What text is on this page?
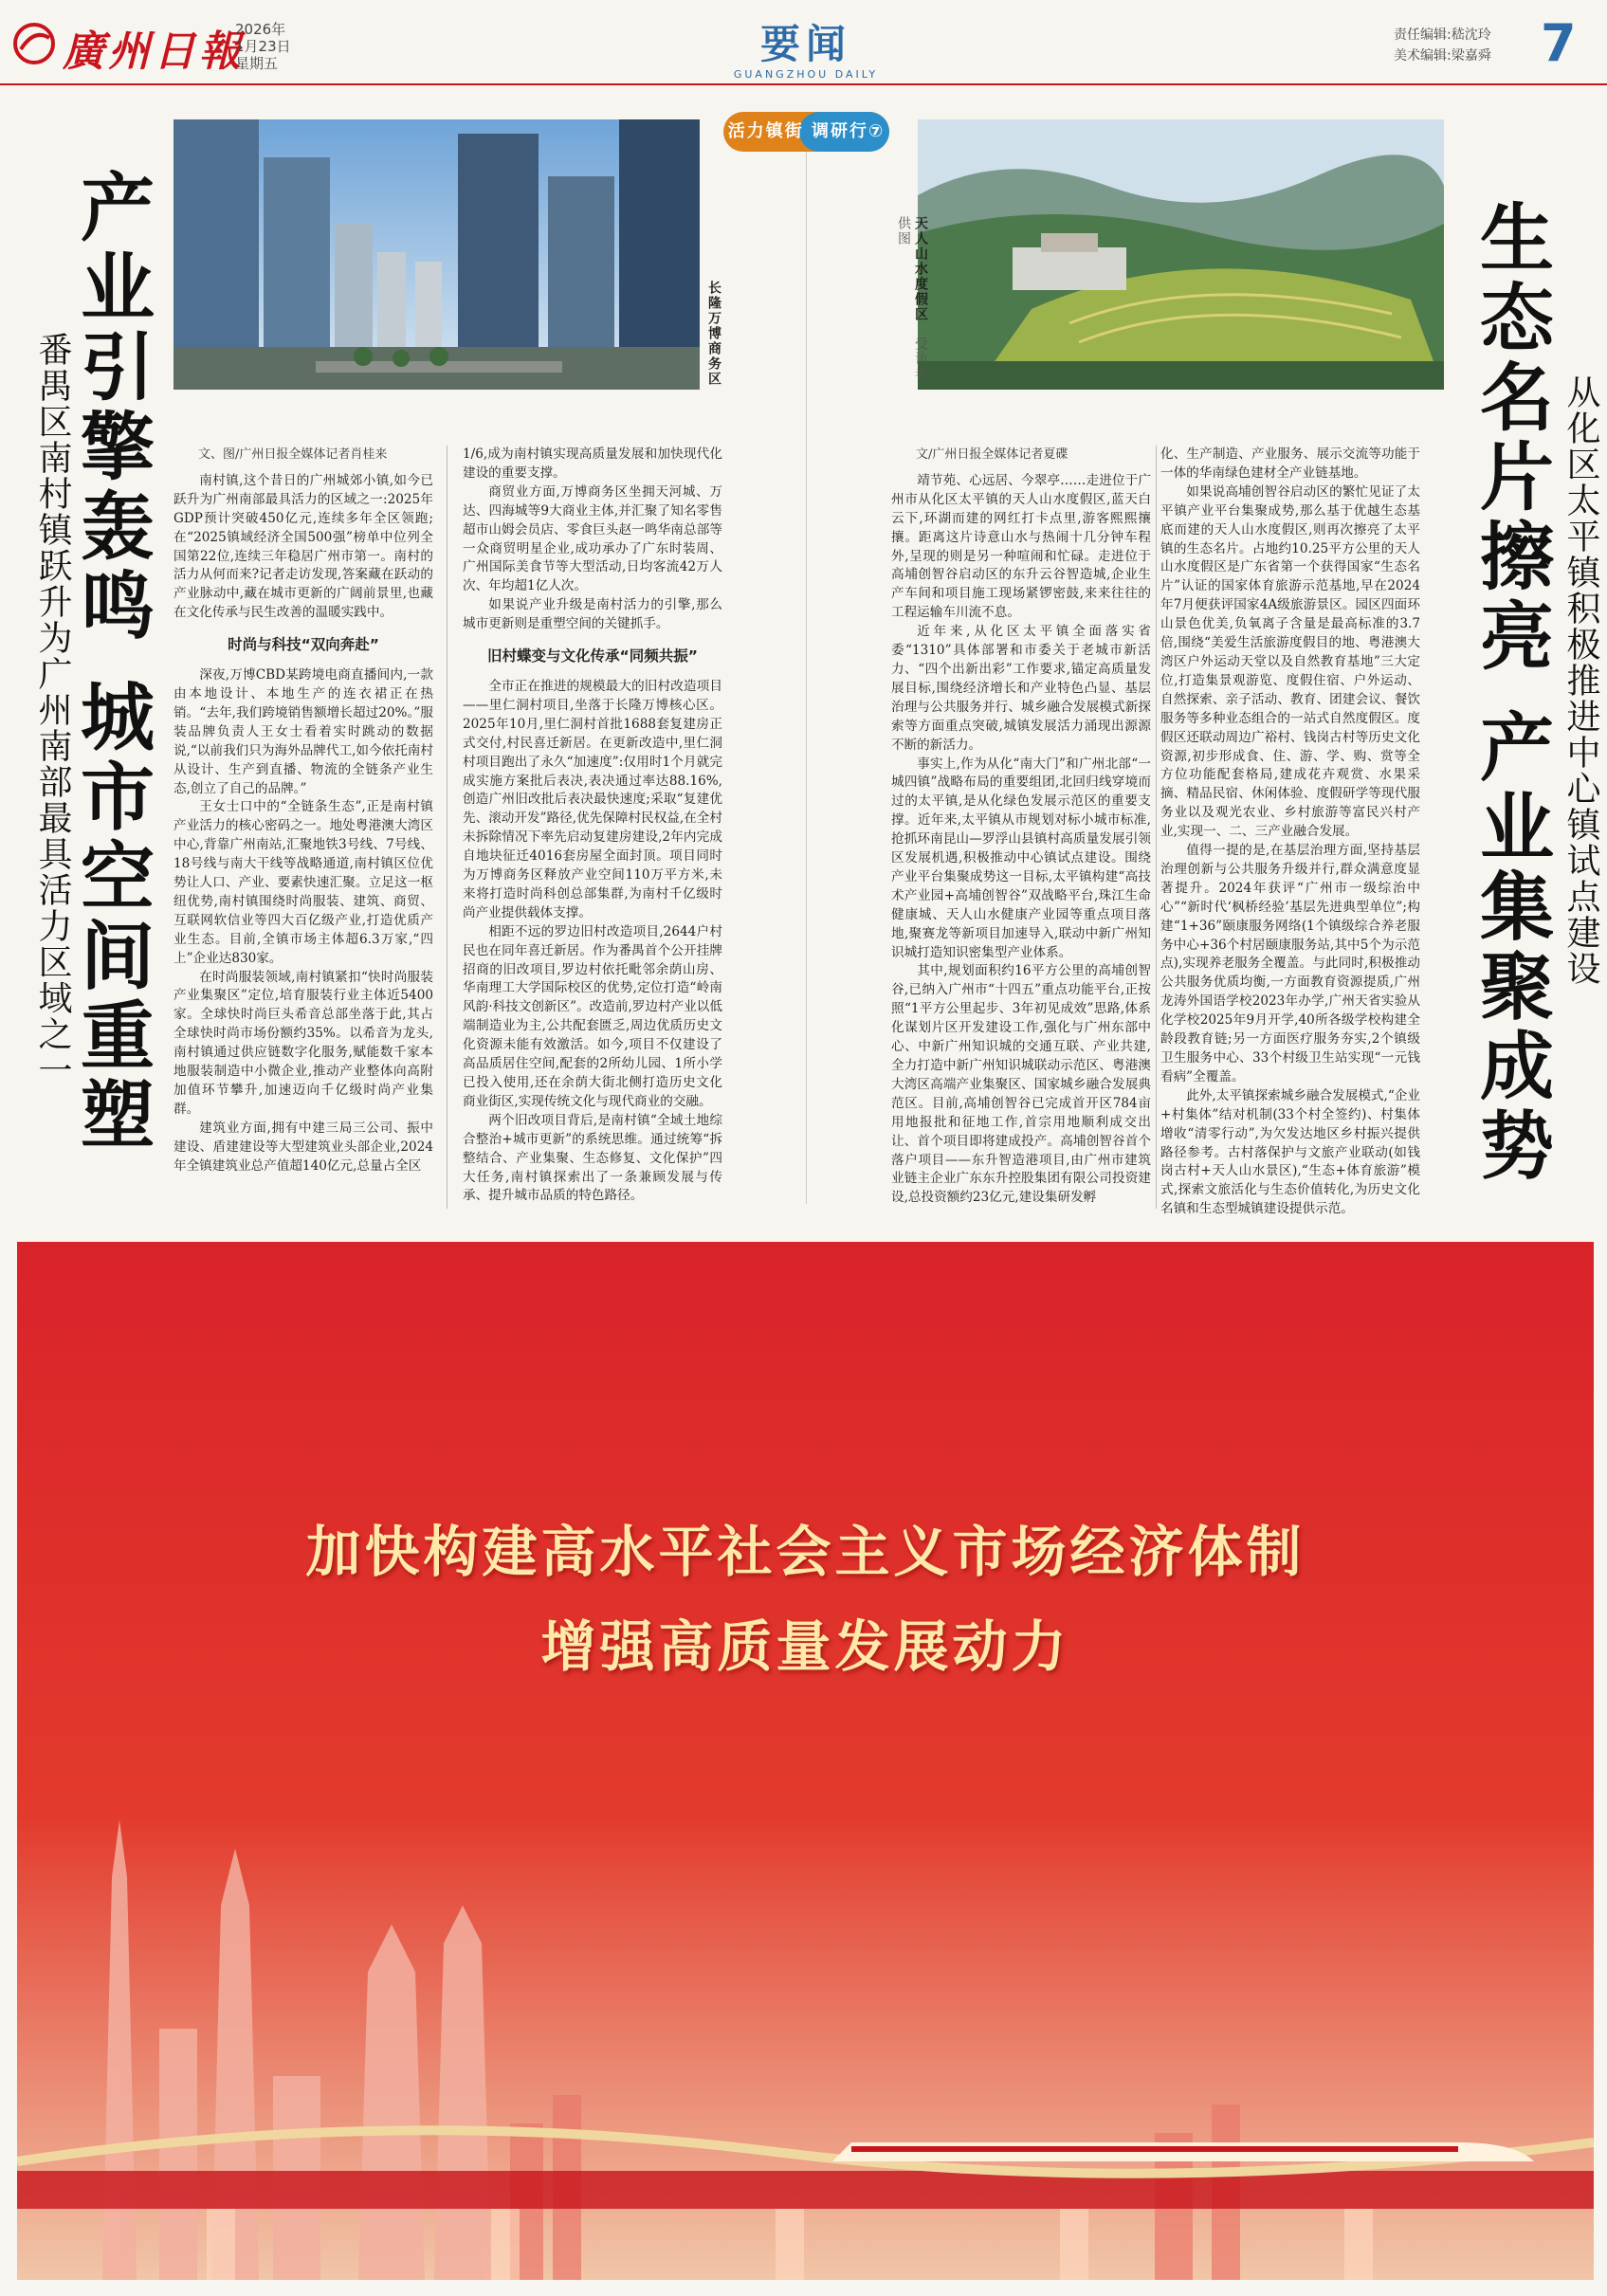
廣州日報
2026年
1月23日
星期五	要闻
GUANGZHOU DAILY
责任编辑:嵇沈玲
美术编辑:梁嘉舜 7
活力镇街 调研行⑦
长隆万博商务区
天人山水度假区 受访者供图
产业引擎轰鸣 城市空间重塑
番禺区南村镇跃升为广州南部最具活力区域之一	生态名片擦亮 产业集聚成势 从化区太平镇积极推进中心镇试点建设

文、图/广州日报全媒体记者肖桂来

南村镇,这个昔日的广州城郊小镇,如今已跃升为广州南部最具活力的区域之一:2025年GDP预计突破450亿元,连续多年全区领跑;在“2025镇域经济全国500强”榜单中位列全国第22位,连续三年稳居广州市第一。南村的活力从何而来?记者走访发现,答案藏在跃动的产业脉动中,藏在城市更新的广阔前景里,也藏在文化传承与民生改善的温暖实践中。

时尚与科技“双向奔赴”

深夜,万博CBD某跨境电商直播间内,一款由本地设计、本地生产的连衣裙正在热销。“去年,我们跨境销售额增长超过20%。”服装品牌负责人王女士看着实时跳动的数据说,“以前我们只为海外品牌代工,如今依托南村从设计、生产到直播、物流的全链条产业生态,创立了自己的品牌。”

王女士口中的“全链条生态”,正是南村镇产业活力的核心密码之一。地处粤港澳大湾区中心,背靠广州南站,汇聚地铁3号线、7号线、18号线与南大干线等战略通道,南村镇区位优势让人口、产业、要素快速汇聚。立足这一枢纽优势,南村镇围绕时尚服装、建筑、商贸、互联网软信业等四大百亿级产业,打造优质产业生态。目前,全镇市场主体超6.3万家,“四上”企业达830家。

在时尚服装领域,南村镇紧扣“快时尚服装产业集聚区”定位,培育服装行业主体近5400家。全球快时尚巨头希音总部坐落于此,其占全球快时尚市场份额约35%。以希音为龙头,南村镇通过供应链数字化服务,赋能数千家本地服装制造中小微企业,推动产业整体向高附加值环节攀升,加速迈向千亿级时尚产业集群。

建筑业方面,拥有中建三局三公司、振中建设、盾建建设等大型建筑业头部企业,2024年全镇建筑业总产值超140亿元,总量占全区

1/6,成为南村镇实现高质量发展和加快现代化建设的重要支撑。

商贸业方面,万博商务区坐拥天河城、万达、四海城等9大商业主体,并汇聚了知名零售超市山姆会员店、零食巨头赵一鸣华南总部等一众商贸明星企业,成功承办了广东时装周、广州国际美食节等大型活动,日均客流42万人次、年均超1亿人次。

如果说产业升级是南村活力的引擎,那么城市更新则是重塑空间的关键抓手。

旧村蝶变与文化传承“同频共振”

全市正在推进的规模最大的旧村改造项目——里仁洞村项目,坐落于长隆万博核心区。2025年10月,里仁洞村首批1688套复建房正式交付,村民喜迁新居。在更新改造中,里仁洞村项目跑出了永久“加速度”:仅用时1个月就完成实施方案批后表决,表决通过率达88.16%,创造广州旧改批后表决最快速度;采取“复建优先、滚动开发”路径,优先保障村民权益,在全村未拆除情况下率先启动复建房建设,2年内完成自地块征迁4016套房屋全面封顶。项目同时为万博商务区释放产业空间110万平方米,未来将打造时尚科创总部集群,为南村千亿级时尚产业提供载体支撑。

相距不远的罗边旧村改造项目,2644户村民也在同年喜迁新居。作为番禺首个公开挂牌招商的旧改项目,罗边村依托毗邻余荫山房、华南理工大学国际校区的优势,定位打造“岭南风韵·科技文创新区”。改造前,罗边村产业以低端制造业为主,公共配套匮乏,周边优质历史文化资源未能有效激活。如今,项目不仅建设了高品质居住空间,配套的2所幼儿园、1所小学已投入使用,还在余荫大街北侧打造历史文化商业街区,实现传统文化与现代商业的交融。

两个旧改项目背后,是南村镇“全域土地综合整治+城市更新”的系统思维。通过统筹“拆整结合、产业集聚、生态修复、文化保护”四大任务,南村镇探索出了一条兼顾发展与传承、提升城市品质的特色路径。

文/广州日报全媒体记者夏碟

靖节苑、心远居、今翠亭……走进位于广州市从化区太平镇的天人山水度假区,蓝天白云下,环湖而建的网红打卡点里,游客熙熙攘攘。距离这片诗意山水与热闹十几分钟车程外,呈现的则是另一种喧闹和忙碌。走进位于高埔创智谷启动区的东升云谷智造城,企业生产车间和项目施工现场紧锣密鼓,来来往往的工程运输车川流不息。

近年来,从化区太平镇全面落实省委“1310”具体部署和市委关于老城市新活力、“四个出新出彩”工作要求,锚定高质量发展目标,围绕经济增长和产业特色凸显、基层治理与公共服务并行、城乡融合发展模式新探索等方面重点突破,城镇发展活力涌现出源源不断的新活力。

事实上,作为从化“南大门”和广州北部“一城四镇”战略布局的重要组团,北回归线穿境而过的太平镇,是从化绿色发展示范区的重要支撑。近年来,太平镇从市规划对标小城市标准,抢抓环南昆山—罗浮山县镇村高质量发展引领区发展机遇,积极推动中心镇试点建设。围绕产业平台集聚成势这一目标,太平镇构建“高技术产业园+高埔创智谷”双战略平台,珠江生命健康城、天人山水健康产业园等重点项目落地,聚赛龙等新项目加速导入,联动中新广州知识城打造知识密集型产业体系。

其中,规划面积约16平方公里的高埔创智谷,已纳入广州市“十四五”重点功能平台,正按照“1平方公里起步、3年初见成效”思路,体系化谋划片区开发建设工作,强化与广州东部中心、中新广州知识城的交通互联、产业共建,全力打造中新广州知识城联动示范区、粤港澳大湾区高端产业集聚区、国家城乡融合发展典范区。目前,高埔创智谷已完成首开区784亩用地报批和征地工作,首宗用地顺利成交出让、首个项目即将建成投产。高埔创智谷首个落户项目——东升智造港项目,由广州市建筑业链主企业广东东升控股集团有限公司投资建设,总投资额约23亿元,建设集研发孵

化、生产制造、产业服务、展示交流等功能于一体的华南绿色建材全产业链基地。

如果说高埔创智谷启动区的繁忙见证了太平镇产业平台集聚成势,那么基于优越生态基底而建的天人山水度假区,则再次擦亮了太平镇的生态名片。占地约10.25平方公里的天人山水度假区是广东省第一个获得国家“生态名片”认证的国家体育旅游示范基地,早在2024年7月便获评国家4A级旅游景区。园区四面环山景色优美,负氧离子含量是最高标准的3.7倍,围绕“美爱生活旅游度假目的地、粤港澳大湾区户外运动天堂以及自然教育基地”三大定位,打造集景观游览、度假住宿、户外运动、自然探索、亲子活动、教育、团建会议、餐饮服务等多种业态组合的一站式自然度假区。度假区还联动周边广裕村、钱岗古村等历史文化资源,初步形成食、住、游、学、购、赏等全方位功能配套格局,建成花卉观赏、水果采摘、精品民宿、休闲体验、度假研学等现代服务业以及观光农业、乡村旅游等富民兴村产业,实现一、二、三产业融合发展。

值得一提的是,在基层治理方面,坚持基层治理创新与公共服务升级并行,群众满意度显著提升。2024年获评“广州市一级综治中心”“新时代‘枫桥经验’基层先进典型单位”;构建“1+36”颐康服务网络(1个镇级综合养老服务中心+36个村居颐康服务站,其中5个为示范点),实现养老服务全覆盖。与此同时,积极推动公共服务优质均衡,一方面教育资源提质,广州龙涛外国语学校2023年办学,广州天省实验从化学校2025年9月开学,40所各级学校构建全龄段教育链;另一方面医疗服务夯实,2个镇级卫生服务中心、33个村级卫生站实现“一元钱看病”全覆盖。

此外,太平镇探索城乡融合发展模式,“企业+村集体”结对机制(33个村全签约)、村集体增收“清零行动”,为欠发达地区乡村振兴提供路径参考。古村落保护与文旅产业联动(如钱岗古村+天人山水景区),“生态+体育旅游”模式,探索文旅活化与生态价值转化,为历史文化名镇和生态型城镇建设提供示范。

加快构建高水平社会主义市场经济体制
增强高质量发展动力
